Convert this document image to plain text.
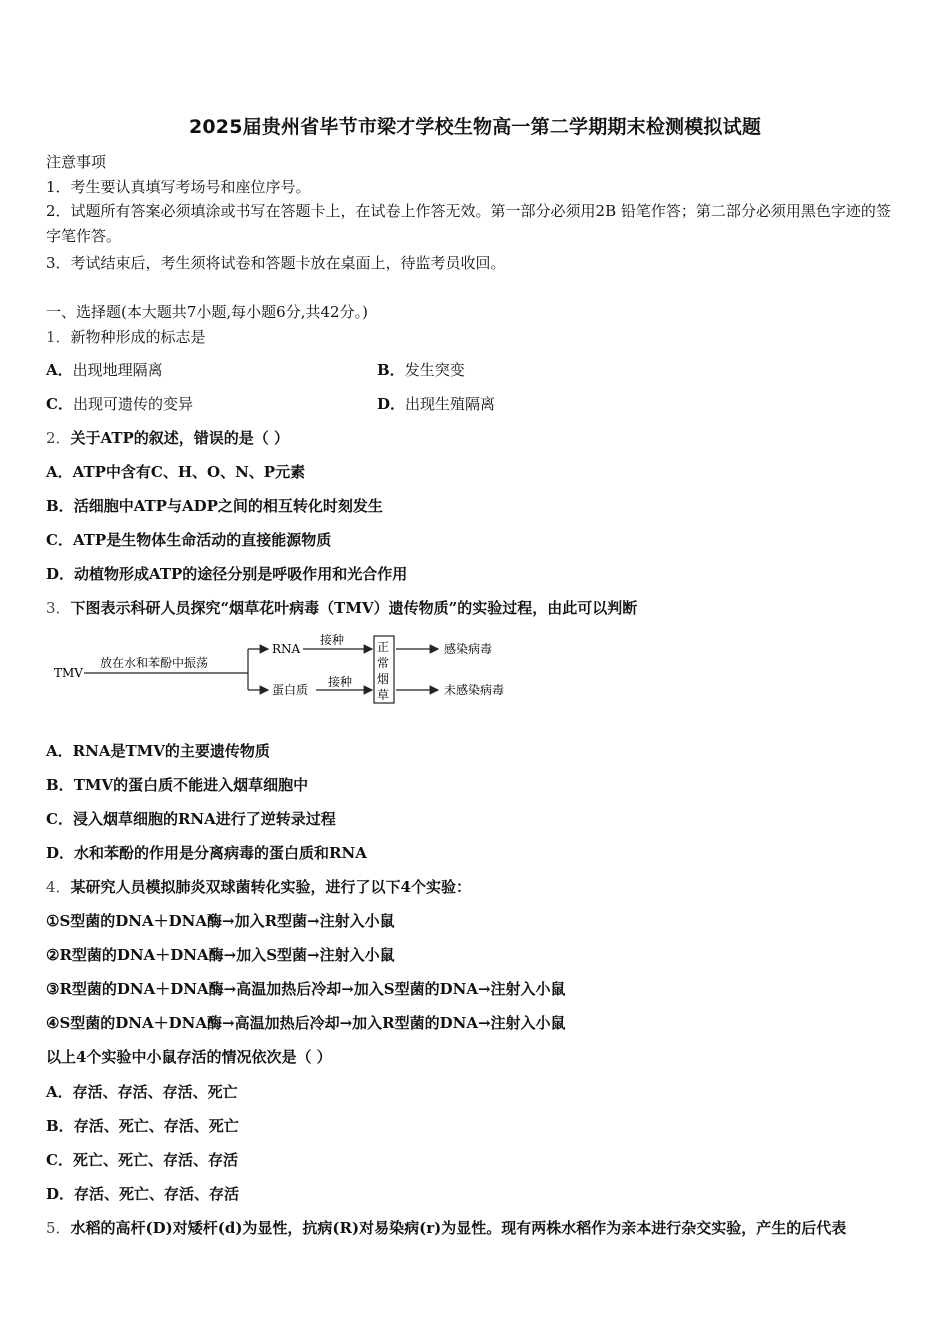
2025届贵州省毕节市梁才学校生物高一第二学期期末检测模拟试题
注意事项
1．考生要认真填写考场号和座位序号。
2．试题所有答案必须填涂或书写在答题卡上，在试卷上作答无效。第一部分必须用2B 铅笔作答；第二部分必须用黑色字迹的签字笔作答。
3．考试结束后，考生须将试卷和答题卡放在桌面上，待监考员收回。
一、选择题(本大题共7小题,每小题6分,共42分。)
1．新物种形成的标志是
A．出现地理隔离	B．发生突变
C．出现可遗传的变异	D．出现生殖隔离
2．关于ATP的叙述，错误的是（ ）
A．ATP中含有C、H、O、N、P元素
B．活细胞中ATP与ADP之间的相互转化时刻发生
C．ATP是生物体生命活动的直接能源物质
D．动植物形成ATP的途径分别是呼吸作用和光合作用
3．下图表示科研人员探究“烟草花叶病毒（TMV）遗传物质”的实验过程，由此可以判断
TMV
放在水和苯酚中振荡
RNA
蛋白质
接种
接种
正
常
烟
草
感染病毒
未感染病毒
A．RNA是TMV的主要遗传物质
B．TMV的蛋白质不能进入烟草细胞中
C．浸入烟草细胞的RNA进行了逆转录过程
D．水和苯酚的作用是分离病毒的蛋白质和RNA
4．某研究人员模拟肺炎双球菌转化实验，进行了以下4个实验：
①S型菌的DNA＋DNA酶→加入R型菌→注射入小鼠
②R型菌的DNA＋DNA酶→加入S型菌→注射入小鼠
③R型菌的DNA＋DNA酶→高温加热后冷却→加入S型菌的DNA→注射入小鼠
④S型菌的DNA＋DNA酶→高温加热后冷却→加入R型菌的DNA→注射入小鼠
以上4个实验中小鼠存活的情况依次是（ ）
A．存活、存活、存活、死亡
B．存活、死亡、存活、死亡
C．死亡、死亡、存活、存活
D．存活、死亡、存活、存活
5．水稻的高杆(D)对矮杆(d)为显性，抗病(R)对易染病(r)为显性。现有两株水稻作为亲本进行杂交实验，产生的后代表
